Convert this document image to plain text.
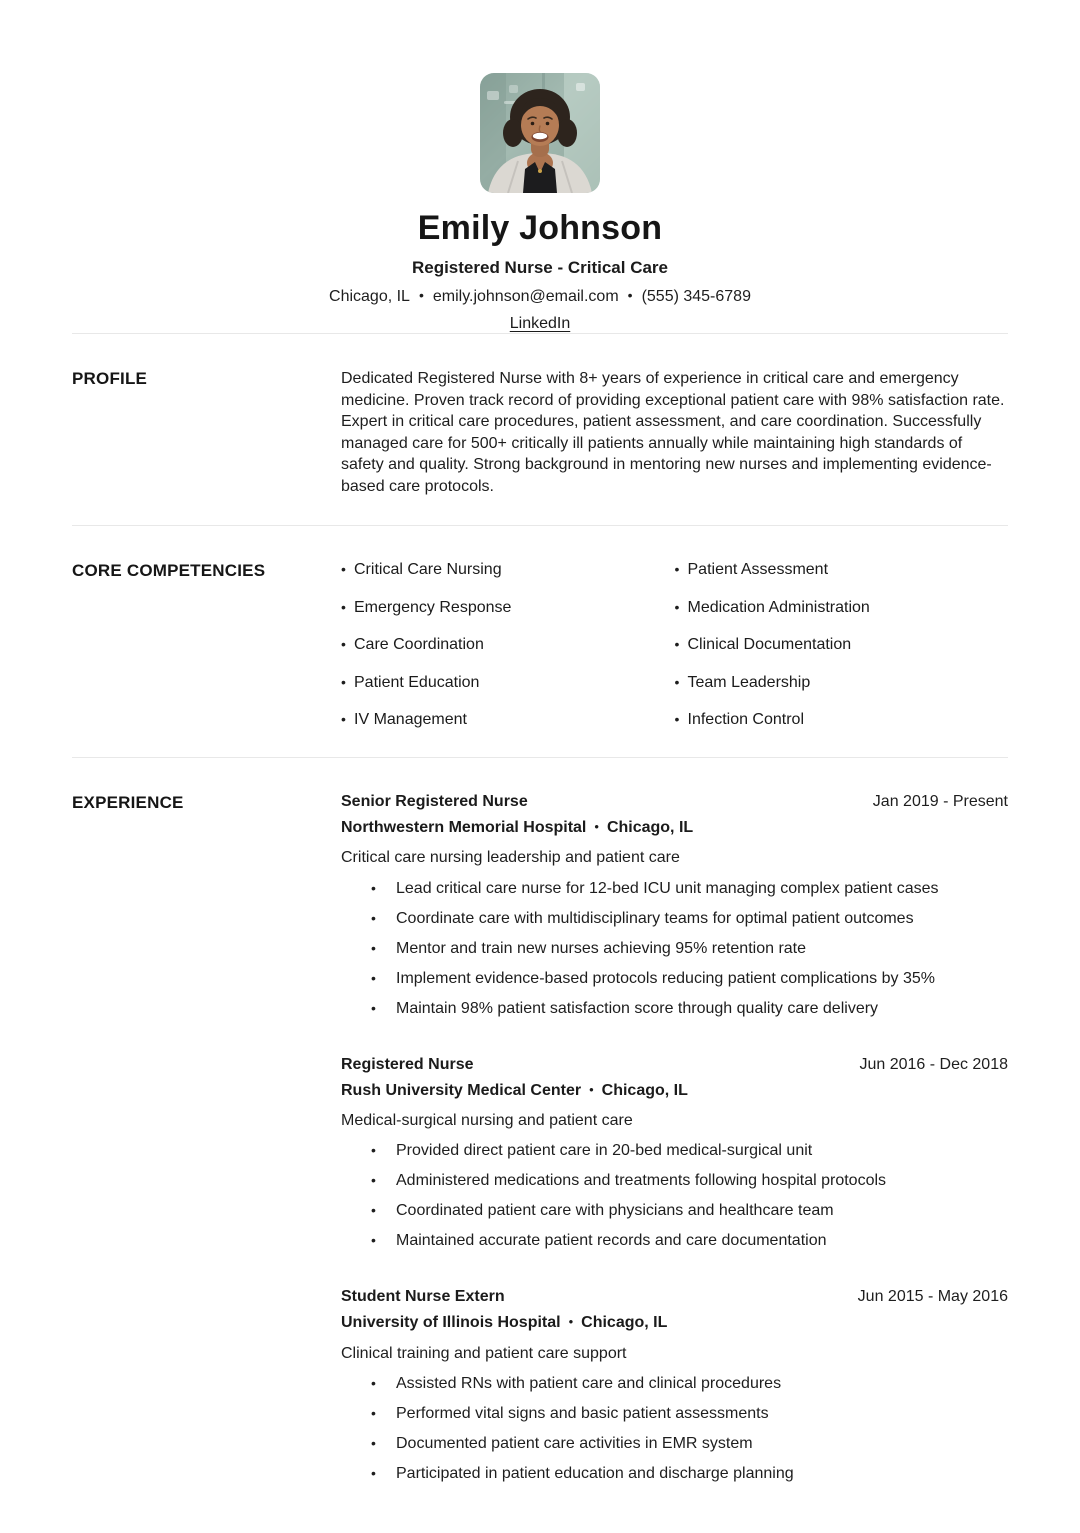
Emily Johnson
Registered Nurse - Critical Care
Chicago, IL • emily.johnson@email.com • (555) 345-6789
LinkedIn
PROFILE	Dedicated Registered Nurse with 8+ years of experience in critical care and emergency medicine. Proven track record of providing exceptional patient care with 98% satisfaction rate. Expert in critical care procedures, patient assessment, and care coordination. Successfully managed care for 500+ critically ill patients annually while maintaining high standards of safety and quality. Strong background in mentoring new nurses and implementing evidence-based care protocols.

CORE COMPETENCIES	• Critical Care Nursing
• Emergency Response
• Care Coordination
• Patient Education
• IV Management
• Patient Assessment
• Medication Administration
• Clinical Documentation
• Team Leadership
• Infection Control
EXPERIENCE	Senior Registered Nurse	Jan 2019 - Present
Northwestern Memorial Hospital • Chicago, IL
Critical care nursing leadership and patient care
•	Lead critical care nurse for 12-bed ICU unit managing complex patient cases
•	Coordinate care with multidisciplinary teams for optimal patient outcomes
•	Mentor and train new nurses achieving 95% retention rate
•	Implement evidence-based protocols reducing patient complications by 35%
•	Maintain 98% patient satisfaction score through quality care delivery
Registered Nurse	Jun 2016 - Dec 2018
Rush University Medical Center • Chicago, IL
Medical-surgical nursing and patient care
•	Provided direct patient care in 20-bed medical-surgical unit
•	Administered medications and treatments following hospital protocols
•	Coordinated patient care with physicians and healthcare team
•	Maintained accurate patient records and care documentation
Student Nurse Extern	Jun 2015 - May 2016
University of Illinois Hospital • Chicago, IL
Clinical training and patient care support
•	Assisted RNs with patient care and clinical procedures
•	Performed vital signs and basic patient assessments
•	Documented patient care activities in EMR system
•	Participated in patient education and discharge planning
